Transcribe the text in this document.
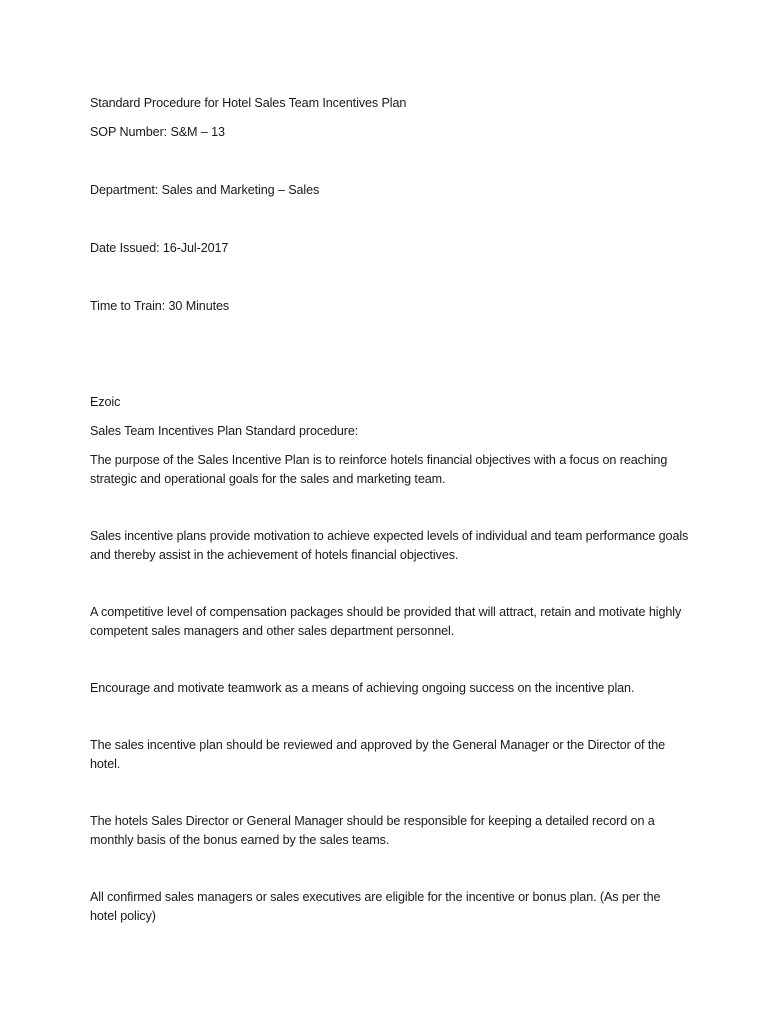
Standard Procedure for Hotel Sales Team Incentives Plan

SOP Number: S&M – 13

Department: Sales and Marketing – Sales

Date Issued: 16-Jul-2017

Time to Train: 30 Minutes

Ezoic

Sales Team Incentives Plan Standard procedure:

The purpose of the Sales Incentive Plan is to reinforce hotels financial objectives with a focus on reaching strategic and operational goals for the sales and marketing team.

Sales incentive plans provide motivation to achieve expected levels of individual and team performance goals and thereby assist in the achievement of hotels financial objectives.

A competitive level of compensation packages should be provided that will attract, retain and motivate highly competent sales managers and other sales department personnel.

Encourage and motivate teamwork as a means of achieving ongoing success on the incentive plan.

The sales incentive plan should be reviewed and approved by the General Manager or the Director of the hotel.

The hotels Sales Director or General Manager should be responsible for keeping a detailed record on a monthly basis of the bonus earned by the sales teams.

All confirmed sales managers or sales executives are eligible for the incentive or bonus plan. (As per the hotel policy)
